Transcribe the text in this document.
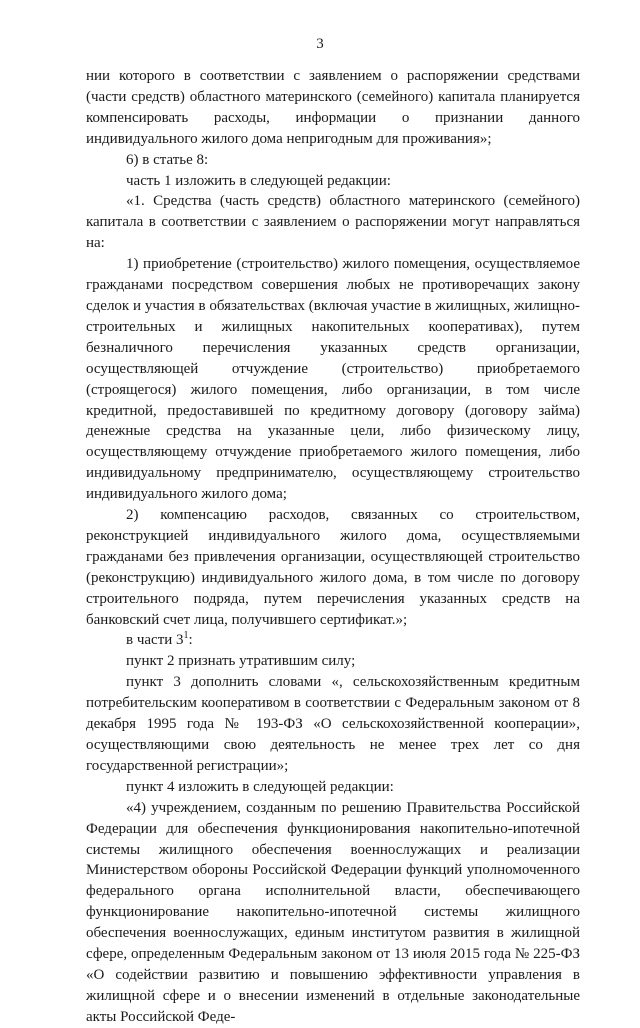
3

нии которого в соответствии с заявлением о распоряжении средствами (части средств) областного материнского (семейного) капитала планируется компенсировать расходы, информации о признании данного индивидуального жилого дома непригодным для проживания»;

6) в статье 8:

часть 1 изложить в следующей редакции:

«1. Средства (часть средств) областного материнского (семейного) капитала в соответствии с заявлением о распоряжении могут направляться на:

1) приобретение (строительство) жилого помещения, осуществляемое гражданами посредством совершения любых не противоречащих закону сделок и участия в обязательствах (включая участие в жилищных, жилищно-строительных и жилищных накопительных кооперативах), путем безналичного перечисления указанных средств организации, осуществляющей отчуждение (строительство) приобретаемого (строящегося) жилого помещения, либо организации, в том числе кредитной, предоставившей по кредитному договору (договору займа) денежные средства на указанные цели, либо физическому лицу, осуществляющему отчуждение приобретаемого жилого помещения, либо индивидуальному предпринимателю, осуществляющему строительство индивидуального жилого дома;

2) компенсацию расходов, связанных со строительством, реконструкцией индивидуального жилого дома, осуществляемыми гражданами без привлечения организации, осуществляющей строительство (реконструкцию) индивидуального жилого дома, в том числе по договору строительного подряда, путем перечисления указанных средств на банковский счет лица, получившего сертификат.»;

в части $3^1$:

пункт 2 признать утратившим силу;

пункт 3 дополнить словами «, сельскохозяйственным кредитным потребительским кооперативом в соответствии с Федеральным законом от 8 декабря 1995 года № 193-ФЗ «О сельскохозяйственной кооперации», осуществляющими свою деятельность не менее трех лет со дня государственной регистрации»;

пункт 4 изложить в следующей редакции:

«4) учреждением, созданным по решению Правительства Российской Федерации для обеспечения функционирования накопительно-ипотечной системы жилищного обеспечения военнослужащих и реализации Министерством обороны Российской Федерации функций уполномоченного федерального органа исполнительной власти, обеспечивающего функционирование накопительно-ипотечной системы жилищного обеспечения военнослужащих, единым институтом развития в жилищной сфере, определенным Федеральным законом от 13 июля 2015 года № 225-ФЗ «О содействии развитию и повышению эффективности управления в жилищной сфере и о внесении изменений в отдельные законодательные акты Российской Феде-
